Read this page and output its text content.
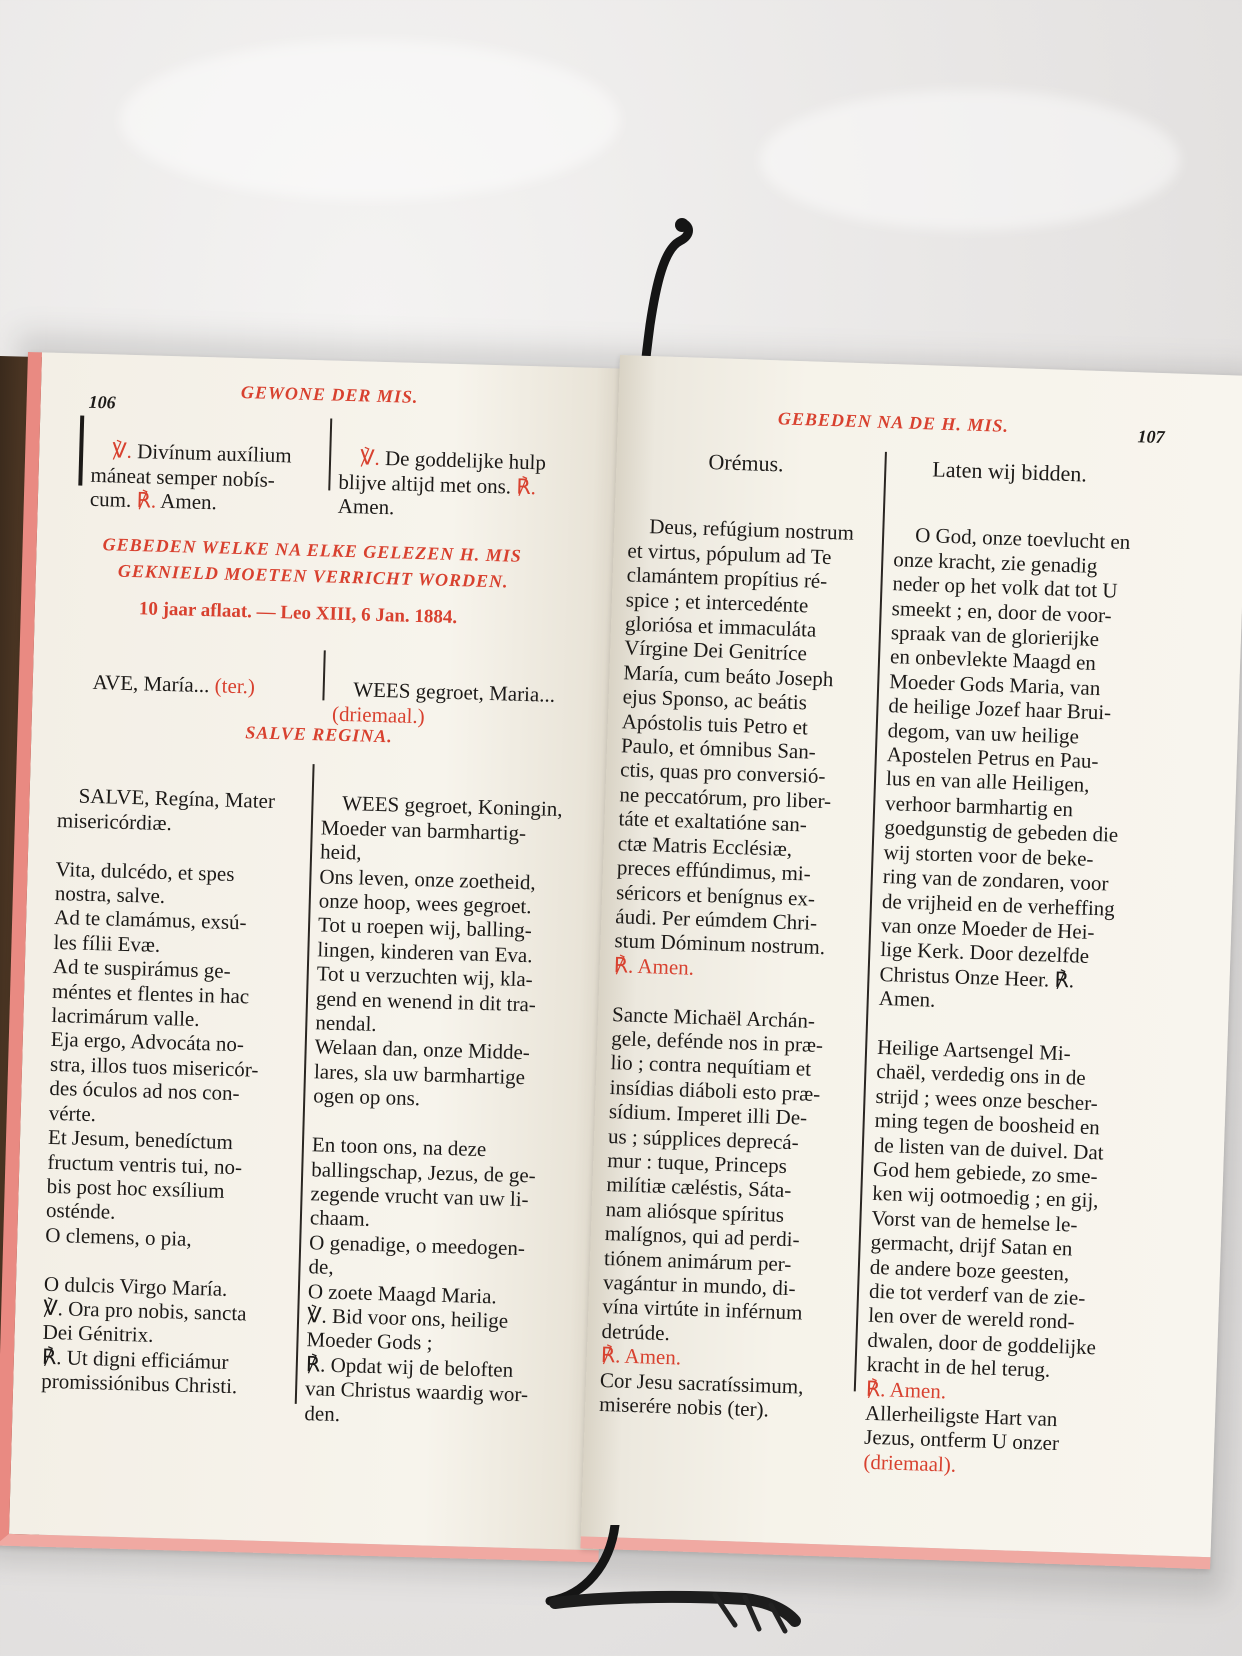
GEWONE DER MIS.
106

℣. Divínum auxílium
máneat semper nobís-
cum. ℟. Amen.

℣. De goddelijke hulp
blijve altijd met ons. ℟.
Amen.

GEBEDEN WELKE NA ELKE GELEZEN H. MIS
GEKNIELD MOETEN VERRICHT WORDEN.
10 jaar aflaat. — Leo XIII, 6 Jan. 1884.

AVE, María... (ter.)
	WEES gegroet, Maria...
(driemaal.)

SALVE REGINA.

SALVE, Regína, Mater
misericórdiæ.

Vita, dulcédo, et spes
nostra, salve.
Ad te clamámus, exsú-
les fílii Evæ.
Ad te suspirámus ge-
méntes et flentes in hac
lacrimárum valle.
Eja ergo, Advocáta no-
stra, illos tuos misericór-
des óculos ad nos con-
vérte.
Et Jesum, benedíctum
fructum ventris tui, no-
bis post hoc exsílium
osténde.
O clemens, o pia,

O dulcis Virgo María.
℣. Ora pro nobis, sancta
Dei Génitrix.
℟. Ut digni efficiámur
promissiónibus Christi.

WEES gegroet, Koningin,
Moeder van barmhartig-
heid,
Ons leven, onze zoetheid,
onze hoop, wees gegroet.
Tot u roepen wij, balling-
lingen, kinderen van Eva.
Tot u verzuchten wij, kla-
gend en wenend in dit tra-
nendal.
Welaan dan, onze Midde-
lares, sla uw barmhartige
ogen op ons.

En toon ons, na deze
ballingschap, Jezus, de ge-
zegende vrucht van uw li-
chaam.
O genadige, o meedogen-
de,
O zoete Maagd Maria.
℣. Bid voor ons, heilige
Moeder Gods ;
℟. Opdat wij de beloften
van Christus waardig wor-
den.

GEBEDEN NA DE H. MIS.
107
Orémus.	Laten wij bidden.

Deus, refúgium nostrum
et virtus, pópulum ad Te
clamántem propítius ré-
spice ; et intercedénte
gloriósa et immaculáta
Vírgine Dei Genitríce
María, cum beáto Joseph
ejus Sponso, ac beátis
Apóstolis tuis Petro et
Paulo, et ómnibus San-
ctis, quas pro conversió-
ne peccatórum, pro liber-
táte et exaltatióne san-
ctæ Matris Ecclésiæ,
preces effúndimus, mi-
séricors et benígnus ex-
áudi. Per eúmdem Chri-
stum Dóminum nostrum.
℟. Amen.

Sancte Michaël Archán-
gele, defénde nos in præ-
lio ; contra nequítiam et
insídias diáboli esto præ-
sídium. Imperet illi De-
us ; súpplices deprecá-
mur : tuque, Princeps
milítiæ cæléstis, Sáta-
nam aliósque spíritus
malígnos, qui ad perdi-
tiónem animárum per-
vagántur in mundo, di-
vína virtúte in inférnum
detrúde.
℟. Amen.
Cor Jesu sacratíssimum,
miserére nobis (ter).

O God, onze toevlucht en
onze kracht, zie genadig
neder op het volk dat tot U
smeekt ; en, door de voor-
spraak van de glorierijke
en onbevlekte Maagd en
Moeder Gods Maria, van
de heilige Jozef haar Brui-
degom, van uw heilige
Apostelen Petrus en Pau-
lus en van alle Heiligen,
verhoor barmhartig en
goedgunstig de gebeden die
wij storten voor de beke-
ring van de zondaren, voor
de vrijheid en de verheffing
van onze Moeder de Hei-
lige Kerk. Door dezelfde
Christus Onze Heer. ℟.
Amen.

Heilige Aartsengel Mi-
chaël, verdedig ons in de
strijd ; wees onze bescher-
ming tegen de boosheid en
de listen van de duivel. Dat
God hem gebiede, zo sme-
ken wij ootmoedig ; en gij,
Vorst van de hemelse le-
germacht, drijf Satan en
de andere boze geesten,
die tot verderf van de zie-
len over de wereld rond-
dwalen, door de goddelijke
kracht in de hel terug.
℟. Amen.
Allerheiligste Hart van
Jezus, ontferm U onzer
(driemaal).
